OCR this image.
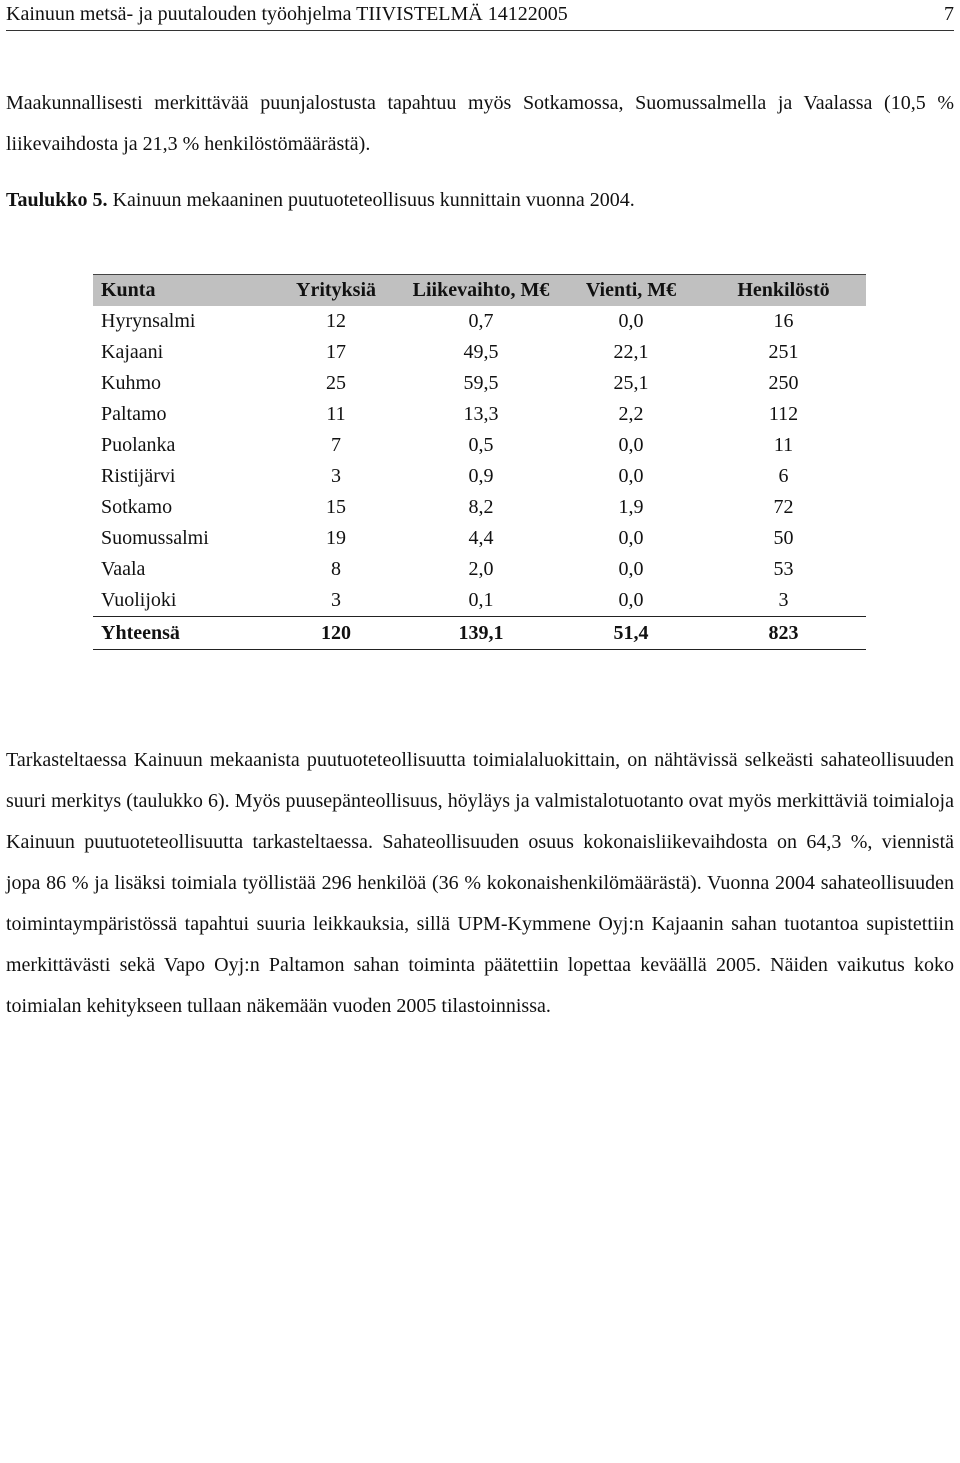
Kainuun metsä- ja puutalouden työohjelma TIIVISTELMÄ 14122005	7

Maakunnallisesti merkittävää puunjalostusta tapahtuu myös Sotkamossa, Suomussalmella ja Vaalassa (10,5 % liikevaihdosta ja 21,3 % henkilöstömäärästä).

Taulukko 5. Kainuun mekaaninen puutuoteteollisuus kunnittain vuonna 2004.
Kunta	Yrityksiä	Liikevaihto, M€	Vienti, M€	Henkilöstö
Hyrynsalmi	12	0,7	0,0	16
Kajaani	17	49,5	22,1	251
Kuhmo	25	59,5	25,1	250
Paltamo	11	13,3	2,2	112
Puolanka	7	0,5	0,0	11
Ristijärvi	3	0,9	0,0	6
Sotkamo	15	8,2	1,9	72
Suomussalmi	19	4,4	0,0	50
Vaala	8	2,0	0,0	53
Vuolijoki	3	0,1	0,0	3
Yhteensä	120	139,1	51,4	823

Tarkasteltaessa Kainuun mekaanista puutuoteteollisuutta toimialaluokittain, on nähtävissä selkeästi sahateollisuuden suuri merkitys (taulukko 6). Myös puusepänteollisuus, höyläys ja valmistalotuotanto ovat myös merkittäviä toimialoja Kainuun puutuoteteollisuutta tarkasteltaessa. Sahateollisuuden osuus kokonaisliikevaihdosta on 64,3 %, viennistä jopa 86 % ja lisäksi toimiala työllistää 296 henkilöä (36 % kokonaishenkilömäärästä). Vuonna 2004 sahateollisuuden toimintaympäristössä tapahtui suuria leikkauksia, sillä UPM-Kymmene Oyj:n Kajaanin sahan tuotantoa supistettiin merkittävästi sekä Vapo Oyj:n Paltamon sahan toiminta päätettiin lopettaa keväällä 2005. Näiden vaikutus koko toimialan kehitykseen tullaan näkemään vuoden 2005 tilastoinnissa.
